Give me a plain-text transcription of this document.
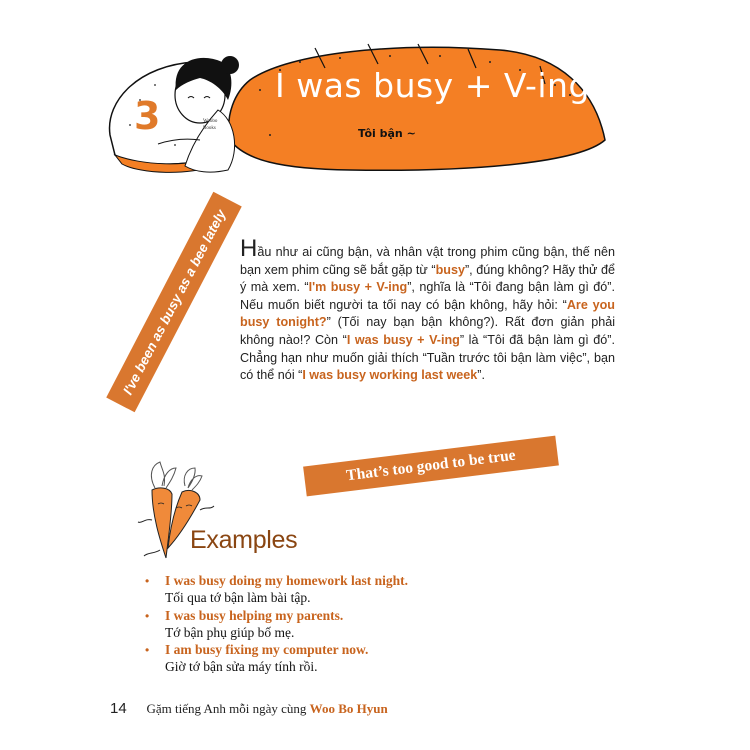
3	Woobo
Books
I was busy + V-ing
Tôi bận ~
I've been as busy as a bee lately Hầu như ai cũng bận, và nhân vật trong phim cũng bận, thế nên bạn xem phim cũng sẽ bắt gặp từ “busy”, đúng không? Hãy thử để ý mà xem. “I'm busy + V-ing”, nghĩa là “Tôi đang bận làm gì đó”. Nếu muốn biết người ta tối nay có bận không, hãy hỏi: “Are you busy tonight?” (Tối nay bạn bận không?). Rất đơn giản phải không nào!? Còn “I was busy + V-ing” là “Tôi đã bận làm gì đó”. Chẳng hạn như muốn giải thích “Tuần trước tôi bận làm việc”, bạn có thể nói “I was busy working last week”.

That’s too good to be true
Examples
• I was busy doing my homework last night.
Tối qua tớ bận làm bài tập.
• I was busy helping my parents.
Tớ bận phụ giúp bố mẹ.
• I am busy fixing my computer now.
Giờ tớ bận sửa máy tính rồi.
14 Gặm tiếng Anh mỗi ngày cùng Woo Bo Hyun
